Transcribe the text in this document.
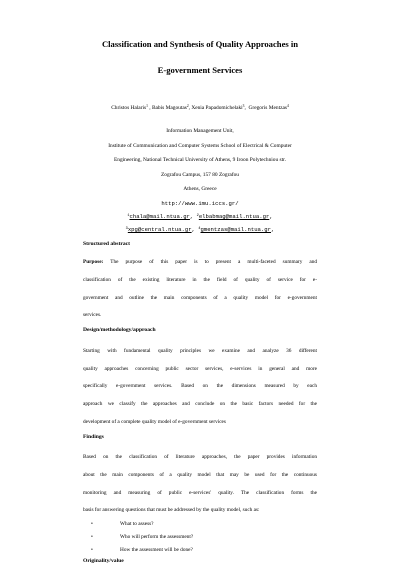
Classification and Synthesis of Quality Approaches in
E-government Services
Christos Halaris$^1$ , Babis Magoutas$^2$, Xenia Papadomichelaki$^3$,  Gregoris Mentzas$^4$
Information Management Unit,
Institute of Communication and Computer Systems School of Electrical & Computer
Engineering, National Technical University of Athens, 9 Iroon Polytechniou str.
Zografou Campus, 157 80 Zografou
Athens, Greece
http://www.imu.iccs.gr/
$^1$chala@mail.ntua.gr, $^2$elbabmag@mail.ntua.gr,
$^3$xpg@central.ntua.gr, $^4$gmentzas@mail.ntua.gr,
Structured abstract
Purpose: The purpose of this paper is to present a multi-faceted summary and
classification of the existing literature in the field of quality of service for e-
government and outline the main components of a quality model for e-government
services.
Design/methodology/approach
Starting with fundamental quality principles we examine and analyze 36 different
quality approaches concerning public sector services, e-services in general and more
specifically e-government services. Based on the dimensions measured by each
approach we classify the approaches and conclude on the basic factors needed for the
development of a complete quality model of e-government services
Findings
Based on the classification of literature approaches, the paper provides information
about the main components of a quality model that may be used for the continuous
monitoring and measuring of public e-services' quality. The classification forms the
basis for answering questions that must be addressed by the quality model, such as:
•	What to assess?
•	Who will perform the assessment?
•	How the assessment will be done?
Originality/value
